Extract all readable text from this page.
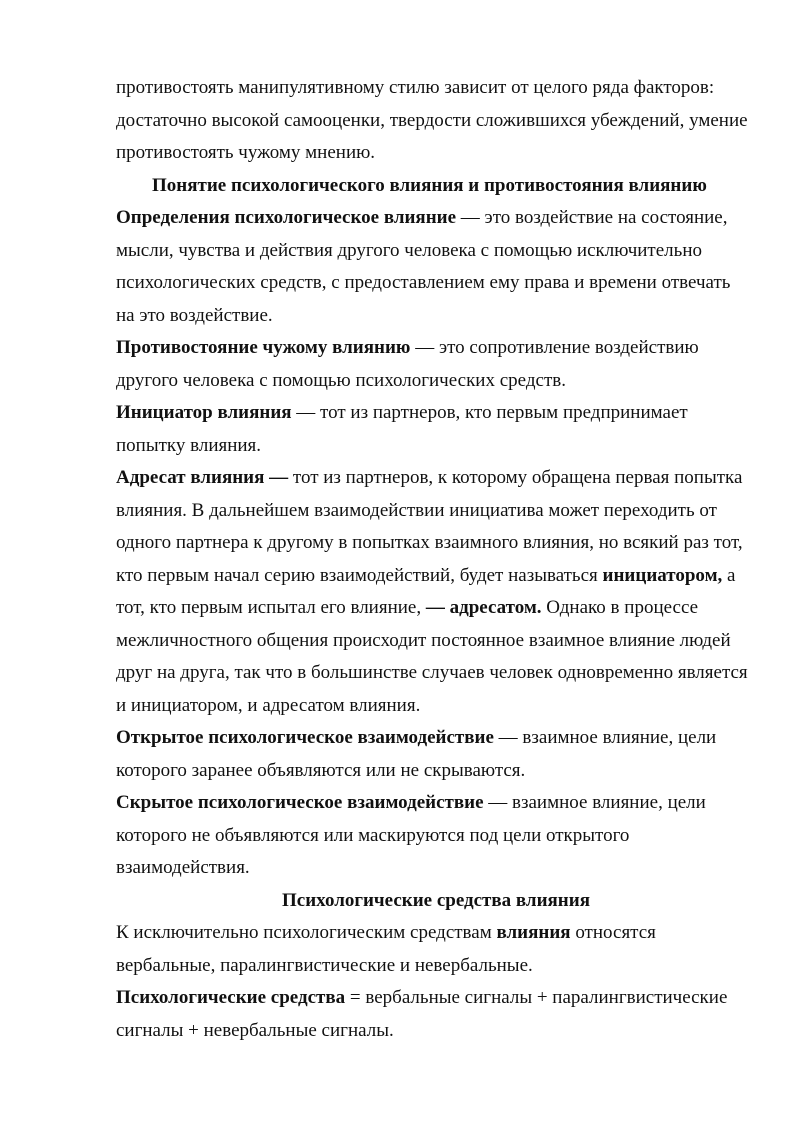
противостоять манипулятивному стилю зависит от целого ряда факторов:
достаточно высокой самооценки, твердости сложившихся убеждений, умение
противостоять чужому мнению.
Понятие психологического влияния и противостояния влиянию
Определения психологическое влияние — это воздействие на состояние,
мысли, чувства и действия другого человека с помощью исключительно
психологических средств, с предоставлением ему права и времени отвечать
на это воздействие.
Противостояние чужому влиянию — это сопротивление воздействию
другого человека с помощью психологических средств.
Инициатор влияния — тот из партнеров, кто первым предпринимает
попытку влияния.
Адресат влияния — тот из партнеров, к которому обращена первая попытка
влияния. В дальнейшем взаимодействии инициатива может переходить от
одного партнера к другому в попытках взаимного влияния, но всякий раз тот,
кто первым начал серию взаимодействий, будет называться инициатором, а
тот, кто первым испытал его влияние, — адресатом. Однако в процессе
межличностного общения происходит постоянное взаимное влияние людей
друг на друга, так что в большинстве случаев человек одновременно является
и инициатором, и адресатом влияния.
Открытое психологическое взаимодействие — взаимное влияние, цели
которого заранее объявляются или не скрываются.
Скрытое психологическое взаимодействие — взаимное влияние, цели
которого не объявляются или маскируются под цели открытого
взаимодействия.
Психологические средства влияния
К исключительно психологическим средствам влияния относятся
вербальные, паралингвистические и невербальные.
Психологические средства = вербальные сигналы + паралингвистические
сигналы + невербальные сигналы.
